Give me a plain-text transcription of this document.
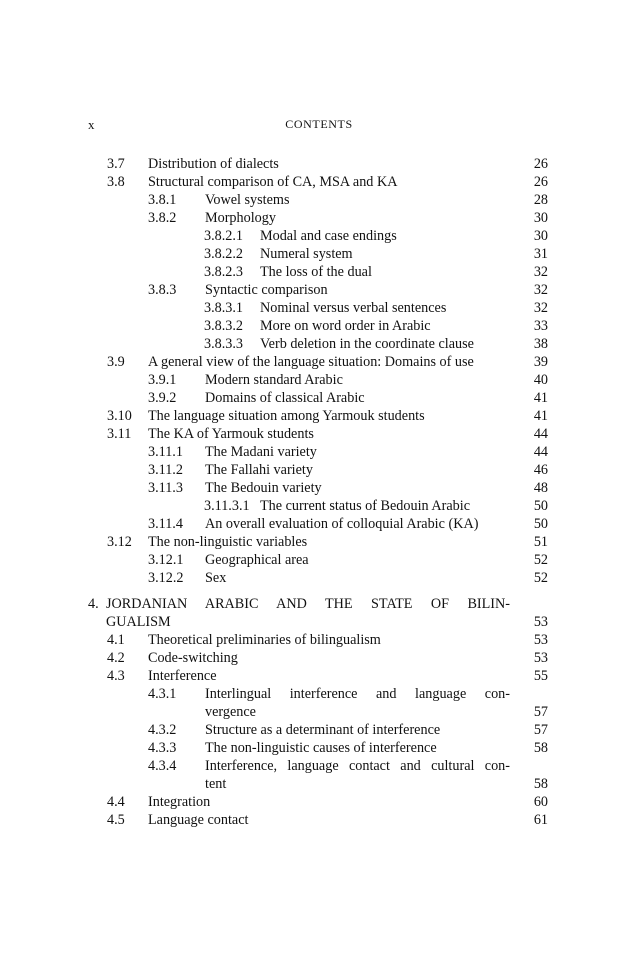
x	CONTENTS
3.7 Distribution of dialects	26
3.8 Structural comparison of CA, MSA and KA	26
3.8.1 Vowel systems	28
3.8.2 Morphology	30
3.8.2.1 Modal and case endings	30
3.8.2.2 Numeral system	31
3.8.2.3 The loss of the dual	32
3.8.3 Syntactic comparison	32
3.8.3.1 Nominal versus verbal sentences	32
3.8.3.2 More on word order in Arabic	33
3.8.3.3 Verb deletion in the coordinate clause	38
3.9 A general view of the language situation: Domains of use	39
3.9.1 Modern standard Arabic	40
3.9.2 Domains of classical Arabic	41
3.10 The language situation among Yarmouk students	41
3.11 The KA of Yarmouk students	44
3.11.1 The Madani variety	44
3.11.2 The Fallahi variety	46
3.11.3 The Bedouin variety	48
3.11.3.1 The current status of Bedouin Arabic	50
3.11.4 An overall evaluation of colloquial Arabic (KA)	50
3.12 The non-linguistic variables	51
3.12.1 Geographical area	52
3.12.2 Sex	52
4. JORDANIAN ARABIC AND THE STATE OF BILIN-
GUALISM	53
4.1 Theoretical preliminaries of bilingualism	53
4.2 Code-switching	53
4.3 Interference	55
4.3.1 Interlingual interference and language con-
vergence	57
4.3.2 Structure as a determinant of interference	57
4.3.3 The non-linguistic causes of interference	58
4.3.4 Interference, language contact and cultural con-
tent	58
4.4 Integration	60
4.5 Language contact	61
